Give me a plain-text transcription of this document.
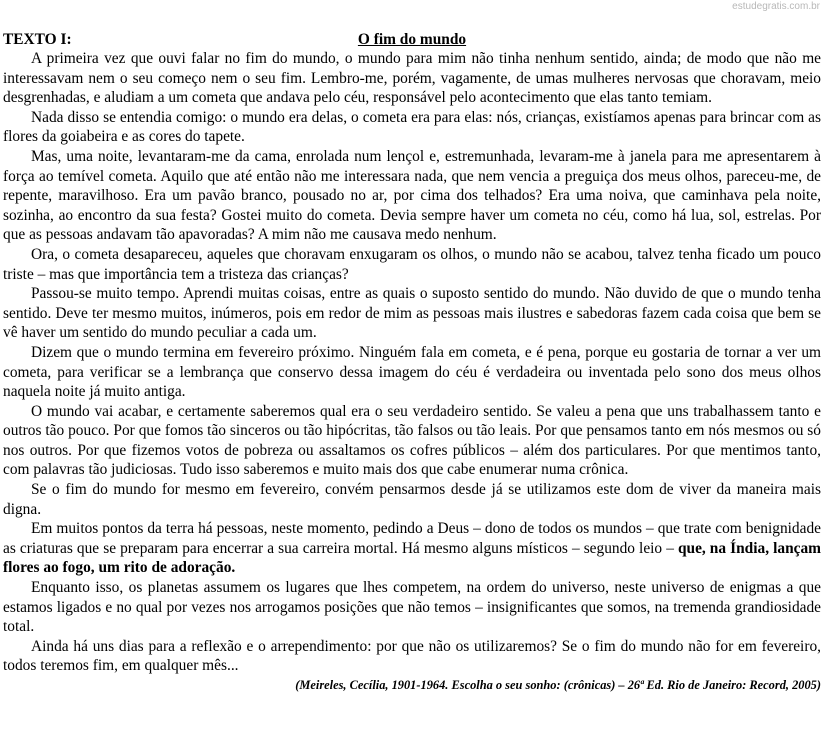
estudegratis.com.br
TEXTO I:	O fim do mundo

A primeira vez que ouvi falar no fim do mundo, o mundo para mim não tinha nenhum sentido, ainda; de modo que não me interessavam nem o seu começo nem o seu fim. Lembro-me, porém, vagamente, de umas mulheres nervosas que choravam, meio desgrenhadas, e aludiam a um cometa que andava pelo céu, responsável pelo acontecimento que elas tanto temiam.

Nada disso se entendia comigo: o mundo era delas, o cometa era para elas: nós, crianças, existíamos apenas para brincar com as flores da goiabeira e as cores do tapete.

Mas, uma noite, levantaram-me da cama, enrolada num lençol e, estremunhada, levaram-me à janela para me apresentarem à força ao temível cometa. Aquilo que até então não me interessara nada, que nem vencia a preguiça dos meus olhos, pareceu-me, de repente, maravilhoso. Era um pavão branco, pousado no ar, por cima dos telhados? Era uma noiva, que caminhava pela noite, sozinha, ao encontro da sua festa? Gostei muito do cometa. Devia sempre haver um cometa no céu, como há lua, sol, estrelas. Por que as pessoas andavam tão apavoradas? A mim não me causava medo nenhum.

Ora, o cometa desapareceu, aqueles que choravam enxugaram os olhos, o mundo não se acabou, talvez tenha ficado um pouco triste – mas que importância tem a tristeza das crianças?

Passou-se muito tempo. Aprendi muitas coisas, entre as quais o suposto sentido do mundo. Não duvido de que o mundo tenha sentido. Deve ter mesmo muitos, inúmeros, pois em redor de mim as pessoas mais ilustres e sabedoras fazem cada coisa que bem se vê haver um sentido do mundo peculiar a cada um.

Dizem que o mundo termina em fevereiro próximo. Ninguém fala em cometa, e é pena, porque eu gostaria de tornar a ver um cometa, para verificar se a lembrança que conservo dessa imagem do céu é verdadeira ou inventada pelo sono dos meus olhos naquela noite já muito antiga.

O mundo vai acabar, e certamente saberemos qual era o seu verdadeiro sentido. Se valeu a pena que uns trabalhassem tanto e outros tão pouco. Por que fomos tão sinceros ou tão hipócritas, tão falsos ou tão leais. Por que pensamos tanto em nós mesmos ou só nos outros. Por que fizemos votos de pobreza ou assaltamos os cofres públicos – além dos particulares. Por que mentimos tanto, com palavras tão judiciosas. Tudo isso saberemos e muito mais dos que cabe enumerar numa crônica.

Se o fim do mundo for mesmo em fevereiro, convém pensarmos desde já se utilizamos este dom de viver da maneira mais digna.

Em muitos pontos da terra há pessoas, neste momento, pedindo a Deus – dono de todos os mundos – que trate com benignidade as criaturas que se preparam para encerrar a sua carreira mortal. Há mesmo alguns místicos – segundo leio – que, na Índia, lançam flores ao fogo, um rito de adoração.

Enquanto isso, os planetas assumem os lugares que lhes competem, na ordem do universo, neste universo de enigmas a que estamos ligados e no qual por vezes nos arrogamos posições que não temos – insignificantes que somos, na tremenda grandiosidade total.

Ainda há uns dias para a reflexão e o arrependimento: por que não os utilizaremos? Se o fim do mundo não for em fevereiro, todos teremos fim, em qualquer mês...

(Meireles, Cecília, 1901-1964. Escolha o seu sonho: (crônicas) – 26ª Ed. Rio de Janeiro: Record, 2005)
